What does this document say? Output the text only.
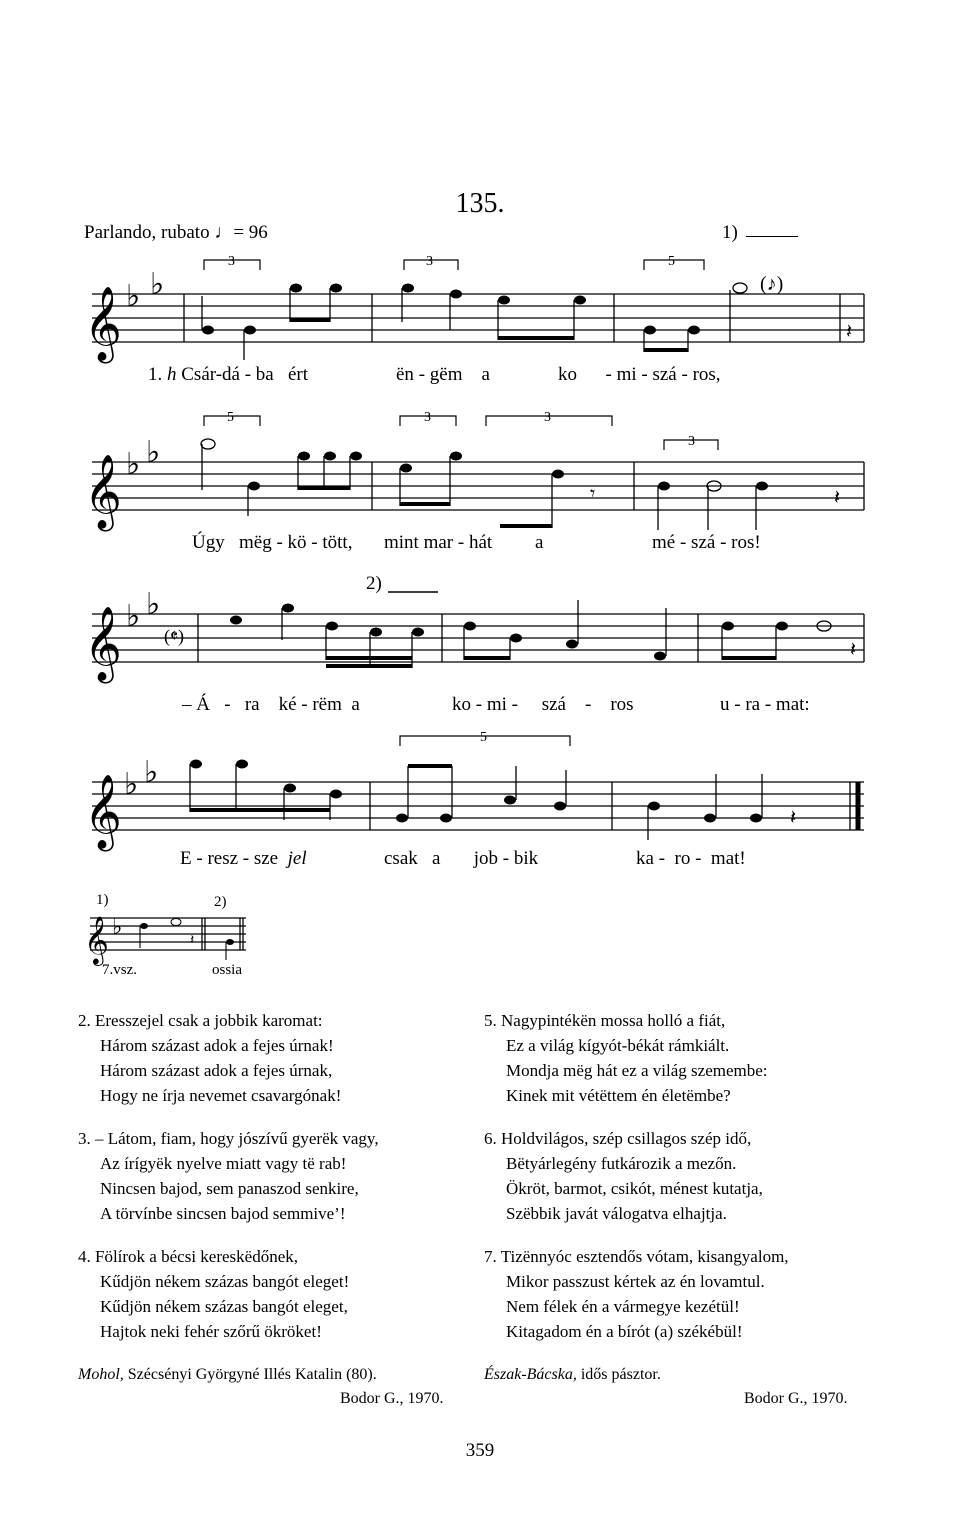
135.
Parlando, rubato ♩= 96	1)
𝄞
𝄞
𝄞
𝄞
𝄞
♭ ♭
♭ ♭
♭ ♭
♭ ♭
♭
3	3	5
5	3	3
3
5
𝄽
(♪)
𝄽
𝄾
(𝄵)
𝄽
2)
𝄽
𝄽
1)	2)
1. h Csár-dá - ba ért	ën - gëm a	ko - mi - szá - ros,
Úgy mëg - kö - tött, mint mar - hát a	mé - szá - ros!
– Á - ra ké - rëm a	ko - mi - szá - ros	u - ra - mat:
E - resz - sze jel	csak a job - bik	ka - ro - mat!
7.vsz.	ossia
2. Eresszejel csak a jobbik karomat:
Három százast adok a fejes úrnak!
Három százast adok a fejes úrnak,
Hogy ne írja nevemet csavargónak!
3. – Látom, fiam, hogy jószívű gyerëk vagy,
Az írígyëk nyelve miatt vagy të rab!
Nincsen bajod, sem panaszod senkire,
A törvínbe sincsen bajod semmive’!
4. Fölírok a bécsi kereskëdőnek,
Kűdjön nékem százas bangót eleget!
Kűdjön nékem százas bangót eleget,
Hajtok neki fehér szőrű ökröket!
5. Nagypintékën mossa holló a fiát,
Ez a világ kígyót-békát rámkiált.
Mondja mëg hát ez a világ szemembe:
Kinek mit vétëttem én életëmbe?
6. Holdvilágos, szép csillagos szép idő,
Bëtyárlegény futkározik a mezőn.
Ökröt, barmot, csikót, ménest kutatja,
Szëbbik javát válogatva elhajtja.
7. Tizënnyóc esztendős vótam, kisangyalom,
Mikor passzust kértek az én lovamtul.
Nem félek én a vármegye kezétül!
Kitagadom én a bírót (a) székébül!
Mohol, Szécsényi Györgyné Illés Katalin (80).
Bodor G., 1970.
Észak-Bácska, idős pásztor.
Bodor G., 1970.
359
